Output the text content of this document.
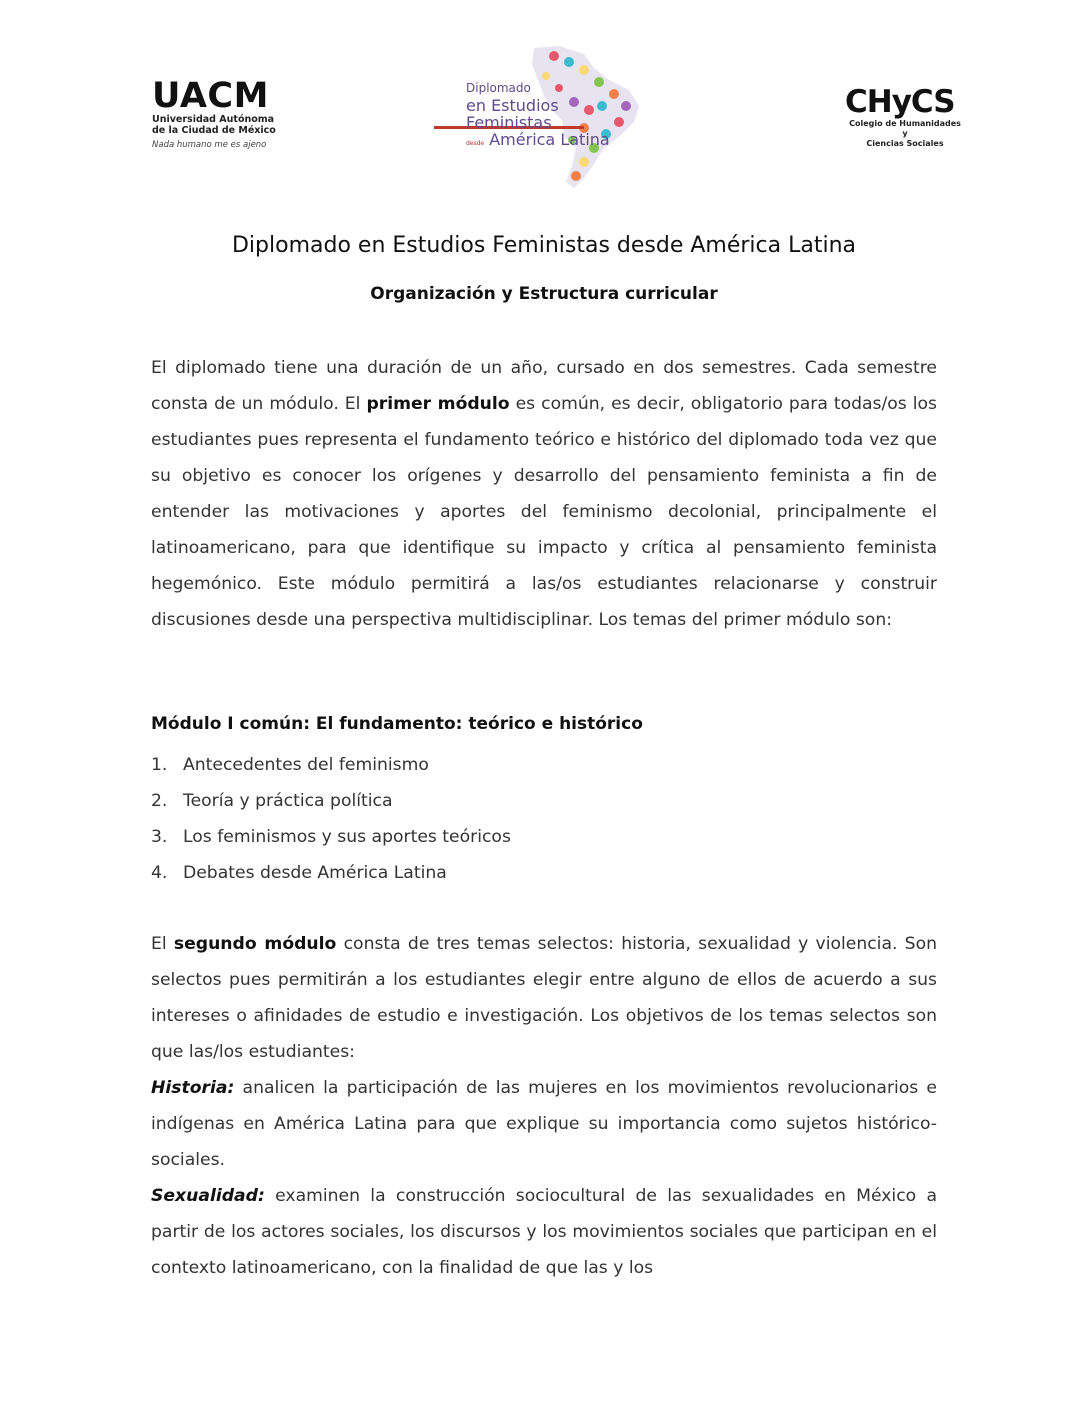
UACM
Universidad Autónoma
de la Ciudad de México
Nada humano me es ajeno
Diplomado
en Estudios
Feministas
desde América Latina
CHyCS
Colegio de Humanidades
y
Ciencias Sociales
Diplomado en Estudios Feministas desde América Latina
Organización y Estructura curricular
El diplomado tiene una duración de un año, cursado en dos semestres. Cada semestre consta de un módulo. El primer módulo es común, es decir, obligatorio para todas/os los estudiantes pues representa el fundamento teórico e histórico del diplomado toda vez que su objetivo es conocer los orígenes y desarrollo del pensamiento feminista a fin de entender las motivaciones y aportes del feminismo decolonial, principalmente el latinoamericano, para que identifique su impacto y crítica al pensamiento feminista hegemónico. Este módulo permitirá a las/os estudiantes relacionarse y construir discusiones desde una perspectiva multidisciplinar. Los temas del primer módulo son:
Módulo I común: El fundamento: teórico e histórico
1. Antecedentes del feminismo
2. Teoría y práctica política
3. Los feminismos y sus aportes teóricos
4. Debates desde América Latina
El segundo módulo consta de tres temas selectos: historia, sexualidad y violencia. Son selectos pues permitirán a los estudiantes elegir entre alguno de ellos de acuerdo a sus intereses o afinidades de estudio e investigación. Los objetivos de los temas selectos son que las/los estudiantes:
Historia: analicen la participación de las mujeres en los movimientos revolucionarios e indígenas en América Latina para que explique su importancia como sujetos histórico-sociales.
Sexualidad: examinen la construcción sociocultural de las sexualidades en México a partir de los actores sociales, los discursos y los movimientos sociales que participan en el contexto latinoamericano, con la finalidad de que las y los
